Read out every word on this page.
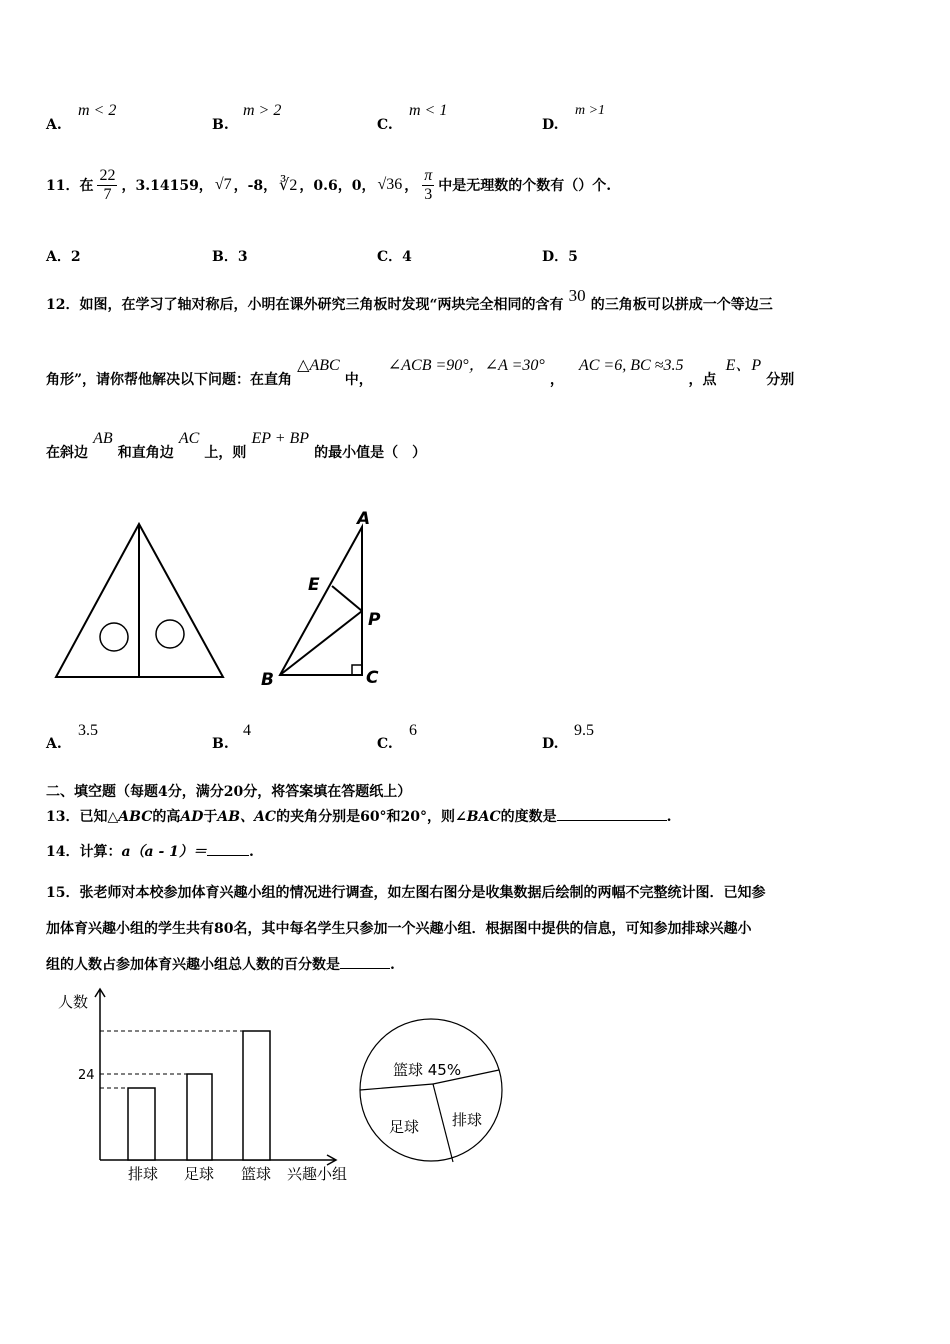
A.
m < 2
B.
m > 2
C.
m < 1
D.
m >1
11．在 $\frac{22}{7}$ ，3.14159， √7 ，-8， ∛2 ，0.6，0， √36 ， $\frac{\pi}{3}$ 中是无理数的个数有（）个.
A．2	B．3	C．4	D．5
12．如图，在学习了轴对称后，小明在课外研究三角板时发现“两块完全相同的含有 30 的三角板可以拼成一个等边三
角形”，请你帮他解决以下问题：在直角 △ABC 中， ∠ACB =90°，∠A =30° ， AC =6, BC ≈3.5 ，点 E、P 分别
在斜边 AB 和直角边 AC 上，则 EP + BP 的最小值是（　）
A
E
P
B	C
A.
3.5
B.
4
C.
6
D.
9.5
二、填空题（每题4分，满分20分，将答案填在答题纸上）
13．已知△ABC的高AD于AB、AC的夹角分别是60°和20°，则∠BAC的度数是	.
14．计算：a（a - 1）＝	.
15．张老师对本校参加体育兴趣小组的情况进行调查，如左图右图分是收集数据后绘制的两幅不完整统计图．已知参
加体育兴趣小组的学生共有80名，其中每名学生只参加一个兴趣小组．根据图中提供的信息，可知参加排球兴趣小
组的人数占参加体育兴趣小组总人数的百分数是	.
人数
24
排球 足球 篮球 兴趣小组
篮球 45%
足球 排球
